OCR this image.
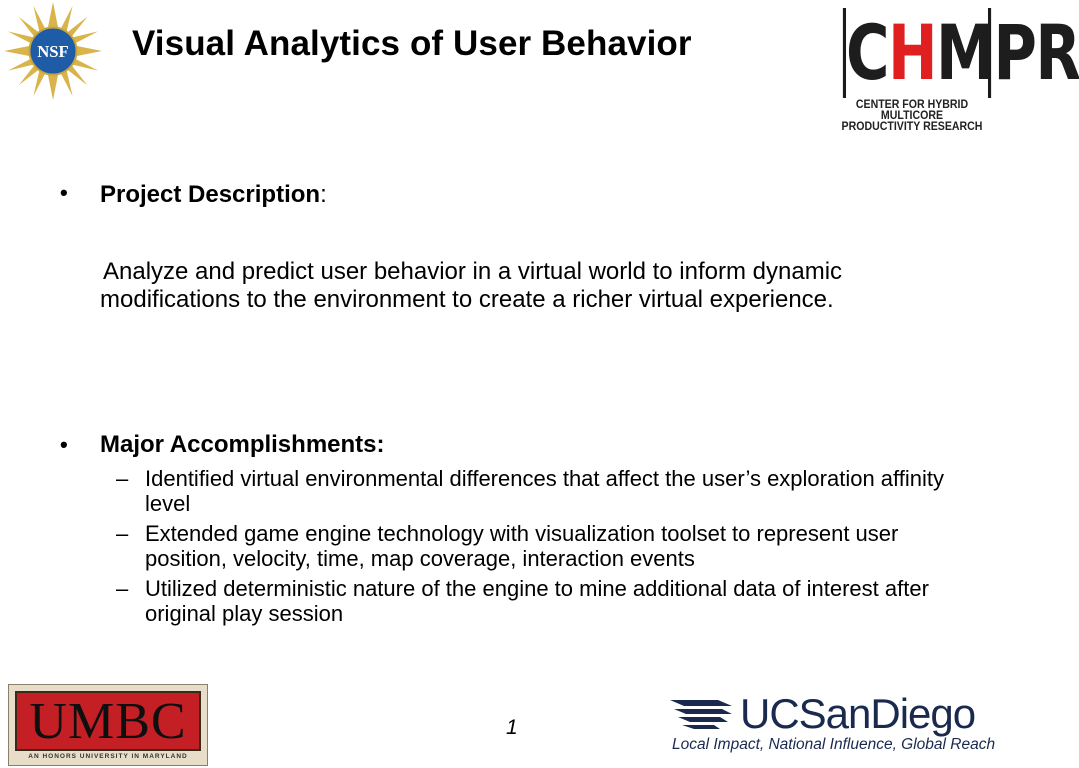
NSF Visual Analytics of User Behavior CHMPR
CENTER FOR HYBRID MULTICORE
PRODUCTIVITY RESEARCH
• Project Description:
Analyze and predict user behavior in a virtual world to inform dynamic modifications to the environment to create a richer virtual experience.
• Major Accomplishments:
– Identified virtual environmental differences that affect the user’s exploration affinity level
– Extended game engine technology with visualization toolset to represent user position, velocity, time, map coverage, interaction events
– Utilized deterministic nature of the engine to mine additional data of interest after original play session
UMBC
AN HONORS UNIVERSITY IN MARYLAND
1	UCSanDiego
Local Impact, National Influence, Global Reach
